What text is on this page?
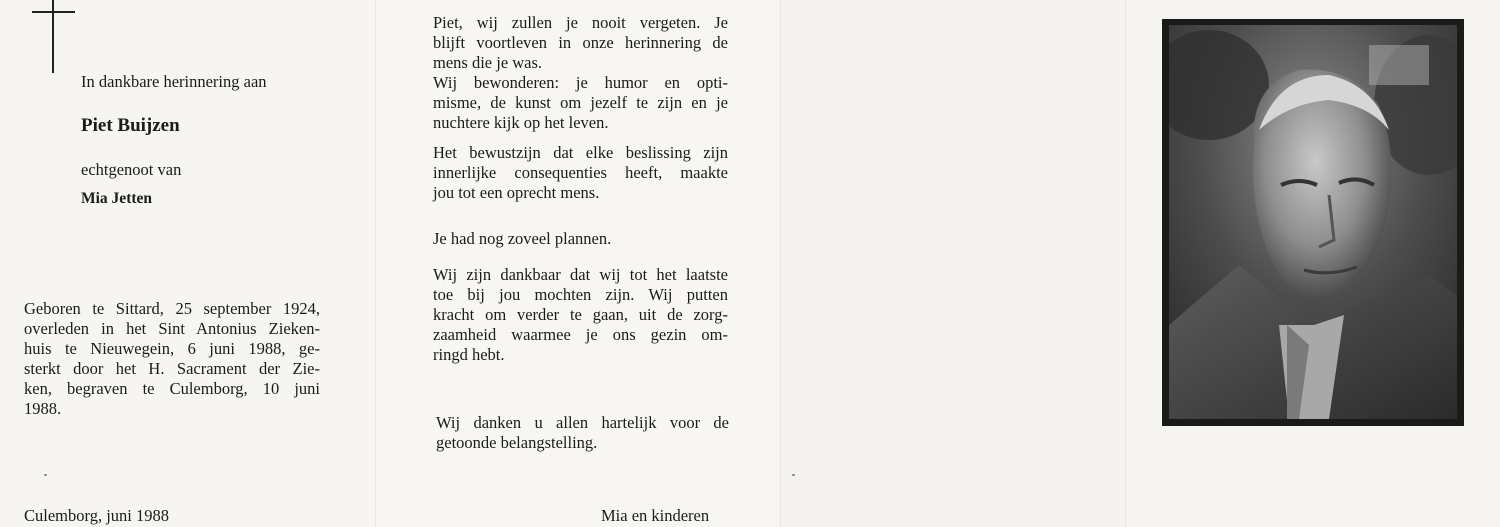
In dankbare herinnering aan
Piet Buijzen
echtgenoot van
Mia Jetten
Geboren te Sittard, 25 september 1924,
overleden in het Sint Antonius Zieken-
huis te Nieuwegein, 6 juni 1988, ge-
sterkt door het H. Sacrament der Zie-
ken, begraven te Culemborg, 10 juni
1988.
Culemborg, juni 1988
Piet, wij zullen je nooit vergeten. Je
blijft voortleven in onze herinnering de
mens die je was.
Wij bewonderen: je humor en opti-
misme, de kunst om jezelf te zijn en je
nuchtere kijk op het leven.
Het bewustzijn dat elke beslissing zijn
innerlijke consequenties heeft, maakte
jou tot een oprecht mens.
Je had nog zoveel plannen.
Wij zijn dankbaar dat wij tot het laatste
toe bij jou mochten zijn. Wij putten
kracht om verder te gaan, uit de zorg-
zaamheid waarmee je ons gezin om-
ringd hebt.
Wij danken u allen hartelijk voor de
getoonde belangstelling.
Mia en kinderen
